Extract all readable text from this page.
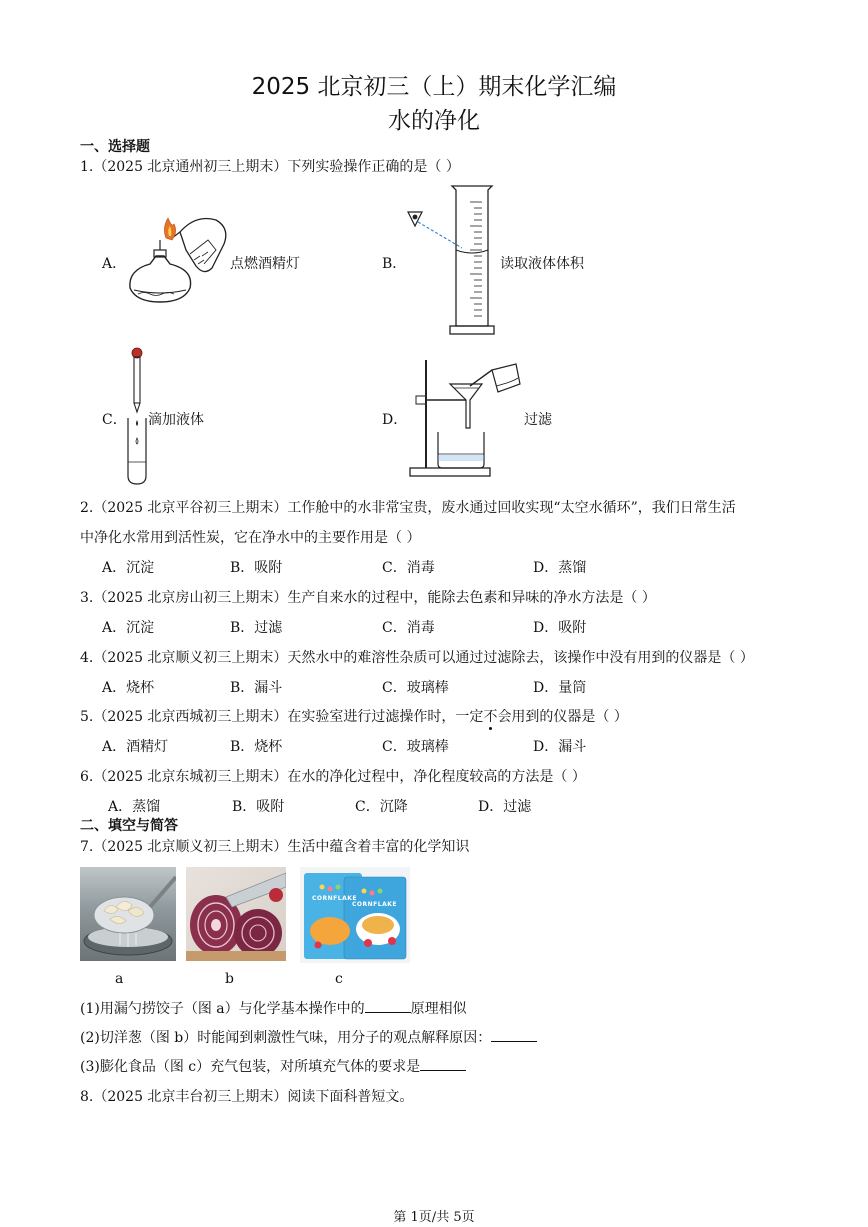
2025 北京初三（上）期末化学汇编
水的净化
一、选择题
1.（2025 北京通州初三上期末）下列实验操作正确的是（ ）
A．	点燃酒精灯	B．	读取液体体积
C． 滴加液体	D．	过滤
2.（2025 北京平谷初三上期末）工作舱中的水非常宝贵，废水通过回收实现“太空水循环”，我们日常生活
中净化水常用到活性炭，它在净水中的主要作用是（ ）
A．沉淀	B．吸附	C．消毒	D．蒸馏
3.（2025 北京房山初三上期末）生产自来水的过程中，能除去色素和异味的净水方法是（ ）
A．沉淀	B．过滤	C．消毒	D．吸附
4.（2025 北京顺义初三上期末）天然水中的难溶性杂质可以通过过滤除去，该操作中没有用到的仪器是（ ）
A．烧杯	B．漏斗	C．玻璃棒	D．量筒
5.（2025 北京西城初三上期末）在实验室进行过滤操作时，一定不会用到的仪器是（ ）
A．酒精灯	B．烧杯	C．玻璃棒	D．漏斗
6.（2025 北京东城初三上期末）在水的净化过程中，净化程度较高的方法是（ ）
A．蒸馏	B．吸附	C．沉降	D．过滤
二、填空与简答
7.（2025 北京顺义初三上期末）生活中蕴含着丰富的化学知识
CORNFLAKE
CORNFLAKE
a	b	c
(1)用漏勺捞饺子（图 a）与化学基本操作中的	原理相似
(2)切洋葱（图 b）时能闻到刺激性气味，用分子的观点解释原因：
(3)膨化食品（图 c）充气包装，对所填充气体的要求是
8.（2025 北京丰台初三上期末）阅读下面科普短文。
第 1页/共 5页
